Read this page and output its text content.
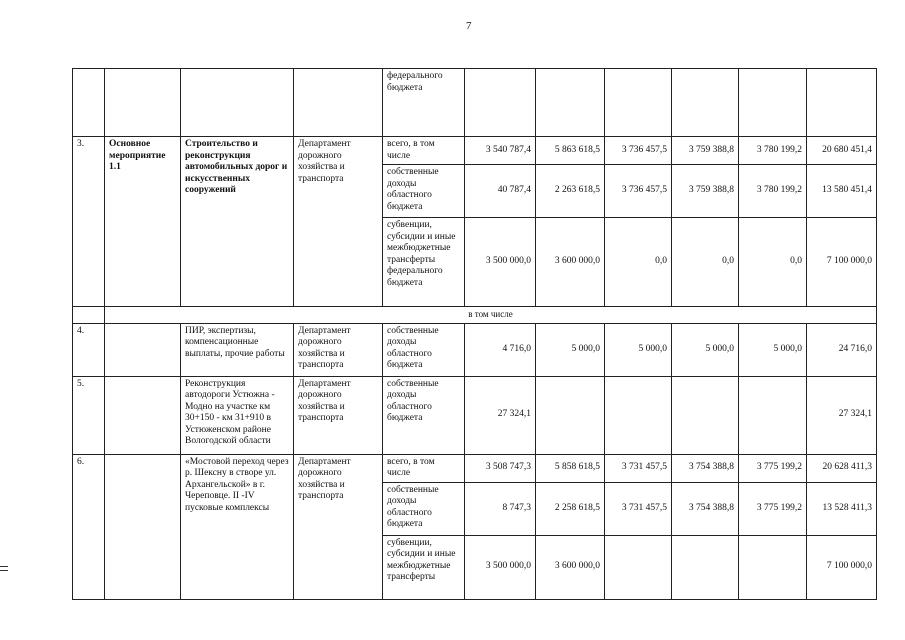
7
				федерального бюджета						
3.	Основное мероприятие 1.1	Строительство и реконструкция автомобильных дорог и искусственных сооружений	Департамент дорожного хозяйства и транспорта	всего, в том числе	3 540 787,4	5 863 618,5	3 736 457,5	3 759 388,8	3 780 199,2	20 680 451,4
				собственные доходы областного бюджета	40 787,4	2 263 618,5	3 736 457,5	3 759 388,8	3 780 199,2	13 580 451,4
				субвенции, субсидии и иные межбюджетные трансферты федерального бюджета	3 500 000,0	3 600 000,0	0,0	0,0	0,0	7 100 000,0
	в том числе									
4.		ПИР, экспертизы, компенсационные выплаты, прочие работы	Департамент дорожного хозяйства и транспорта	собственные доходы областного бюджета	4 716,0	5 000,0	5 000,0	5 000,0	5 000,0	24 716,0
5.		Реконструкция автодороги Устюжна - Модно на участке км 30+150 - км 31+910 в Устюженском районе Вологодской области	Департамент дорожного хозяйства и транспорта	собственные доходы областного бюджета	27 324,1					27 324,1
6.		«Мостовой переход через р. Шексну в створе ул. Архангельской» в г. Череповце. II -IV пусковые комплексы	Департамент дорожного хозяйства и транспорта	всего, в том числе	3 508 747,3	5 858 618,5	3 731 457,5	3 754 388,8	3 775 199,2	20 628 411,3
				собственные доходы областного бюджета	8 747,3	2 258 618,5	3 731 457,5	3 754 388,8	3 775 199,2	13 528 411,3
				субвенции, субсидии и иные межбюджетные трансферты	3 500 000,0	3 600 000,0				7 100 000,0
